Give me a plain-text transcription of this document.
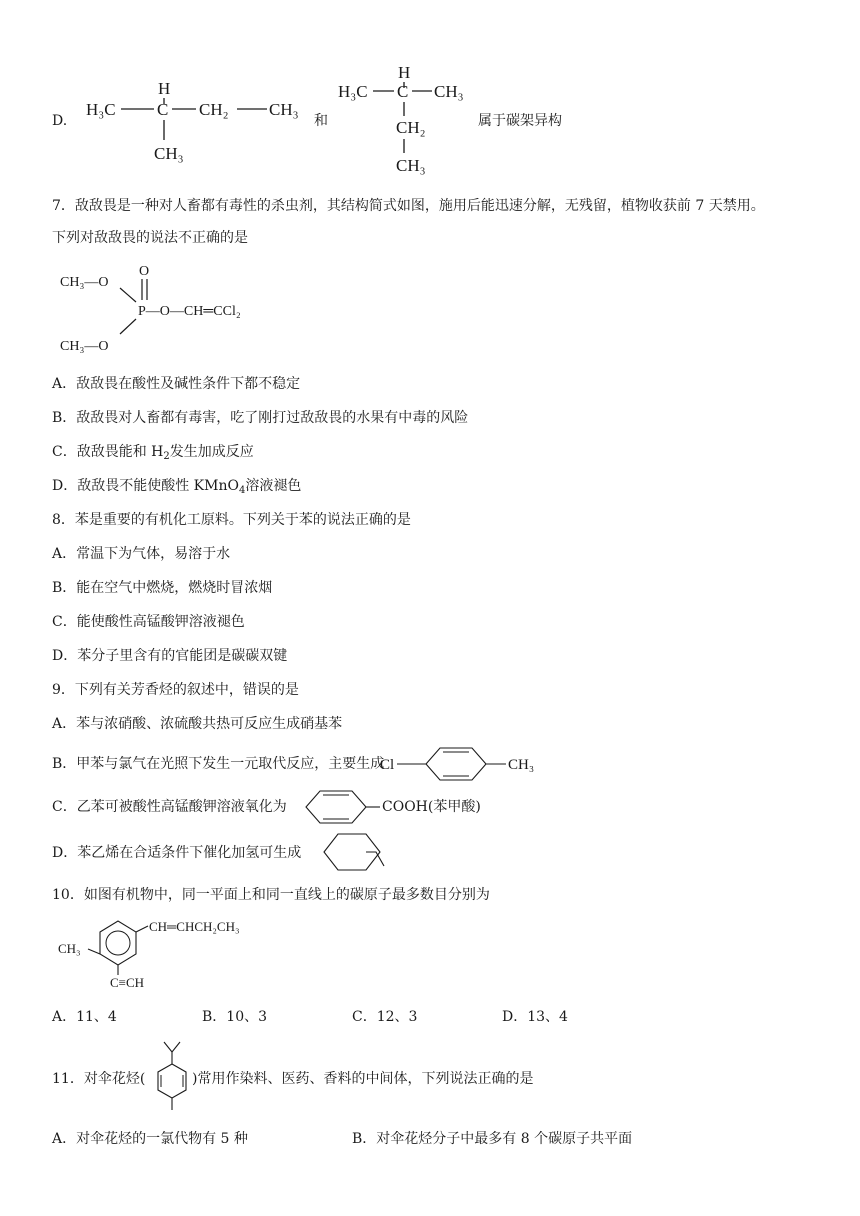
D.
H
H₃C C CH₂ CH₃
CH₃
和
H
H₃C C CH₃
CH₂
CH₃
属于碳架异构
7．敌敌畏是一种对人畜都有毒性的杀虫剂，其结构简式如图，施用后能迅速分解，无残留，植物收获前 7 天禁用。
下列对敌敌畏的说法不正确的是
CH₃—O
O
P—O—CH═CCl₂
CH₃—O
A．敌敌畏在酸性及碱性条件下都不稳定
B．敌敌畏对人畜都有毒害，吃了刚打过敌敌畏的水果有中毒的风险
C．敌敌畏能和 $H_2$发生加成反应
D．敌敌畏不能使酸性 KMnO$_4$溶液褪色
8．苯是重要的有机化工原料。下列关于苯的说法正确的是
A．常温下为气体，易溶于水
B．能在空气中燃烧，燃烧时冒浓烟
C．能使酸性高锰酸钾溶液褪色
D．苯分子里含有的官能团是碳碳双键
9．下列有关芳香烃的叙述中，错误的是
A．苯与浓硝酸、浓硫酸共热可反应生成硝基苯
B．甲苯与氯气在光照下发生一元取代反应，主要生成
Cl	CH₃
C．乙苯可被酸性高锰酸钾溶液氧化为	COOH(苯甲酸)
D．苯乙烯在合适条件下催化加氢可生成
10．如图有机物中，同一平面上和同一直线上的碳原子最多数目分别为
CH═CHCH₂CH₃
CH₃
C≡CH
A．11、4	B．10、3	C．12、3	D．13、4
11．对伞花烃(	)常用作染料、医药、香料的中间体，下列说法正确的是
A．对伞花烃的一氯代物有 5 种	B．对伞花烃分子中最多有 8 个碳原子共平面
